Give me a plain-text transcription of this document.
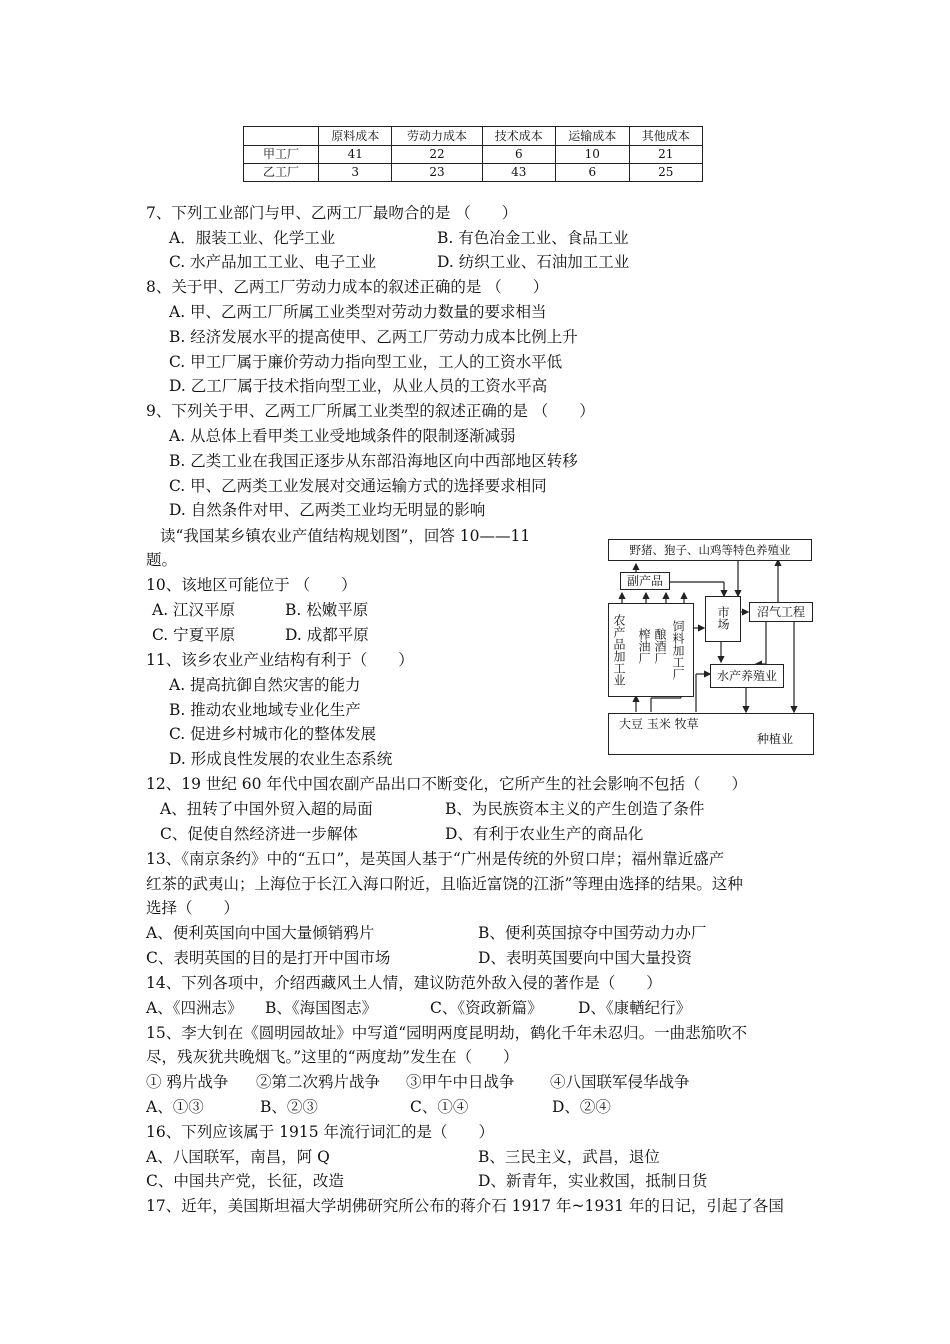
	原料成本	劳动力成本	技术成本	运输成本	其他成本
甲工厂	41	22	6	10	21
乙工厂	3	23	43	6	25
7、下列工业部门与甲、乙两工厂最吻合的是 （　　）
A．服装工业、化学工业	B. 有色冶金工业、食品工业
C. 水产品加工工业、电子工业	D. 纺织工业、石油加工工业
8、关于甲、乙两工厂劳动力成本的叙述正确的是 （　　）
A. 甲、乙两工厂所属工业类型对劳动力数量的要求相当
B. 经济发展水平的提高使甲、乙两工厂劳动力成本比例上升
C. 甲工厂属于廉价劳动力指向型工业，工人的工资水平低
D. 乙工厂属于技术指向型工业，从业人员的工资水平高
9、下列关于甲、乙两工厂所属工业类型的叙述正确的是 （　　）
A. 从总体上看甲类工业受地域条件的限制逐渐减弱
B. 乙类工业在我国正逐步从东部沿海地区向中西部地区转移
C. 甲、乙两类工业发展对交通运输方式的选择要求相同
D. 自然条件对甲、乙两类工业均无明显的影响
读“我国某乡镇农业产值结构规划图”，回答 10——11
题。
10、该地区可能位于 （　　）
A. 江汉平原	B. 松嫩平原
C. 宁夏平原	D. 成都平原
11、该乡农业产业结构有利于（　　）
A. 提高抗御自然灾害的能力
B. 推动农业地域专业化生产
C. 促进乡村城市化的整体发展
D. 形成良性发展的农业生态系统
12、19 世纪 60 年代中国农副产品出口不断变化，它所产生的社会影响不包括（　　）
A、扭转了中国外贸入超的局面	B、为民族资本主义的产生创造了条件
C、促使自然经济进一步解体	D、有利于农业生产的商品化
13、《南京条约》中的“五口”，是英国人基于“广州是传统的外贸口岸；福州靠近盛产
红茶的武夷山；上海位于长江入海口附近，且临近富饶的江浙”等理由选择的结果。这种
选择（　　）
A、便利英国向中国大量倾销鸦片	B、便利英国掠夺中国劳动力办厂
C、表明英国的目的是打开中国市场	D、表明英国要向中国大量投资
14、下列各项中，介绍西藏风土人情，建议防范外敌入侵的著作是（　　）
A、《四洲志》 B、《海国图志》	C、《资政新篇》 D、《康輶纪行》
15、李大钊在《圆明园故址》中写道“园明两度昆明劫，鹤化千年未忍归。一曲悲笳吹不
尽，残灰犹共晚烟飞。”这里的“两度劫”发生在（　　）
① 鸦片战争 ②第二次鸦片战争 ③甲午中日战争 ④八国联军侵华战争
A、①③	B、②③	C、①④	D、②④
16、下列应该属于 1915 年流行词汇的是（　　）
A、八国联军，南昌，阿 Q	B、三民主义，武昌，退位
C、中国共产党，长征，改造	D、新青年，实业救国，抵制日货
17、近年，美国斯坦福大学胡佛研究所公布的蒋介石 1917 年~1931 年的日记，引起了各国
野猪、狍子、山鸡等特色养殖业
副产品
农产品加工业 榨油厂 酿酒厂 饲料加工厂
市场	沼气工程
水产养殖业
大豆 玉米 牧草
种植业
